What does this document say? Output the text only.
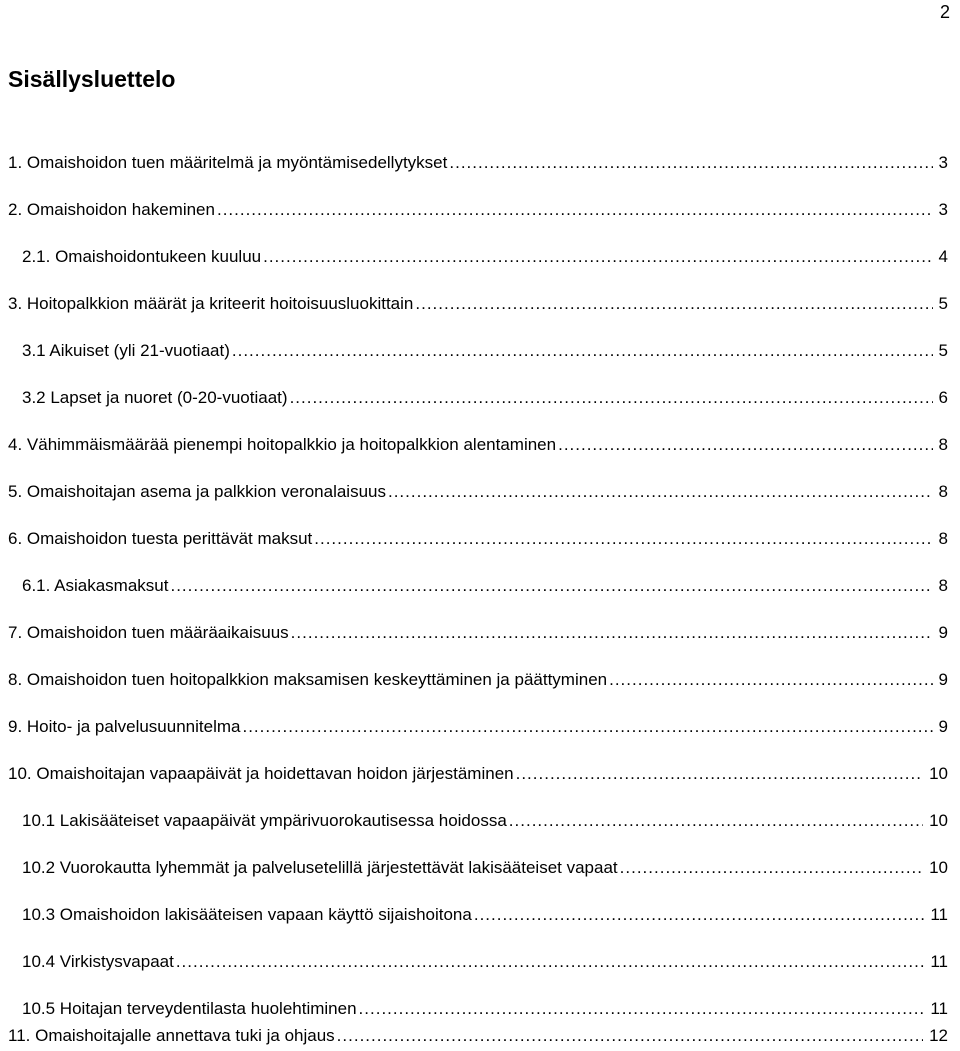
2
Sisällysluettelo
1. Omaishoidon tuen määritelmä ja myöntämisedellytykset .....	3
2. Omaishoidon hakeminen .....	3
2.1. Omaishoidontukeen kuuluu .....	4
3. Hoitopalkkion määrät ja kriteerit hoitoisuusluokittain .....	5
3.1 Aikuiset (yli 21-vuotiaat) .....	5
3.2 Lapset ja nuoret (0-20-vuotiaat) .....	6
4. Vähimmäismäärää pienempi hoitopalkkio ja hoitopalkkion alentaminen .....	8
5. Omaishoitajan asema ja palkkion veronalaisuus .....	8
6. Omaishoidon tuesta perittävät maksut .....	8
6.1. Asiakasmaksut .....	8
7. Omaishoidon tuen määräaikaisuus .....	9
8. Omaishoidon tuen hoitopalkkion maksamisen keskeyttäminen ja päättyminen .....	9
9. Hoito- ja palvelusuunnitelma .....	9
10. Omaishoitajan vapaapäivät ja hoidettavan hoidon järjestäminen .....	10
10.1 Lakisääteiset vapaapäivät ympärivuorokautisessa hoidossa .....	10
10.2 Vuorokautta lyhemmät ja palvelusetelillä järjestettävät lakisääteiset vapaat .....	10
10.3 Omaishoidon lakisääteisen vapaan käyttö sijaishoitona .....	11
10.4 Virkistysvapaat .....	11
10.5 Hoitajan terveydentilasta huolehtiminen .....	11
11. Omaishoitajalle annettava tuki ja ohjaus .....	12
